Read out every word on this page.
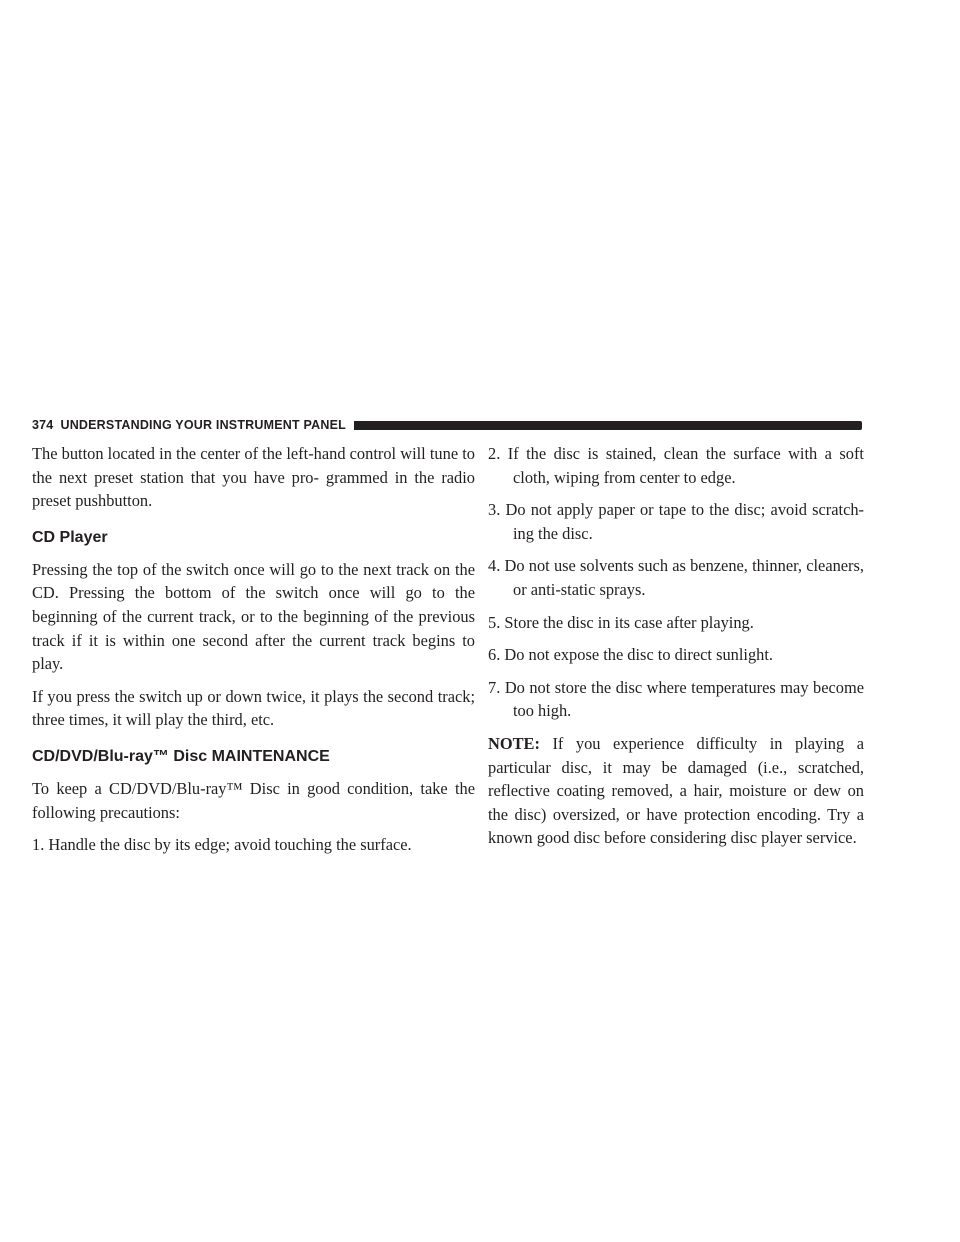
374 UNDERSTANDING YOUR INSTRUMENT PANEL

The button located in the center of the left-hand control will tune to the next preset station that you have pro- grammed in the radio preset pushbutton.

CD Player

Pressing the top of the switch once will go to the next track on the CD. Pressing the bottom of the switch once will go to the beginning of the current track, or to the beginning of the previous track if it is within one second after the current track begins to play.

If you press the switch up or down twice, it plays the second track; three times, it will play the third, etc.

CD/DVD/Blu-ray™ Disc MAINTENANCE

To keep a CD/DVD/Blu-ray™ Disc in good condition, take the following precautions:

1. Handle the disc by its edge; avoid touching the surface.
2. If the disc is stained, clean the surface with a soft cloth, wiping from center to edge.
3. Do not apply paper or tape to the disc; avoid scratch- ing the disc.
4. Do not use solvents such as benzene, thinner, cleaners, or anti-static sprays.
5. Store the disc in its case after playing.
6. Do not expose the disc to direct sunlight.
7. Do not store the disc where temperatures may become too high.

NOTE: If you experience difficulty in playing a particular disc, it may be damaged (i.e., scratched, reflective coating removed, a hair, moisture or dew on the disc) oversized, or have protection encoding. Try a known good disc before considering disc player service.
